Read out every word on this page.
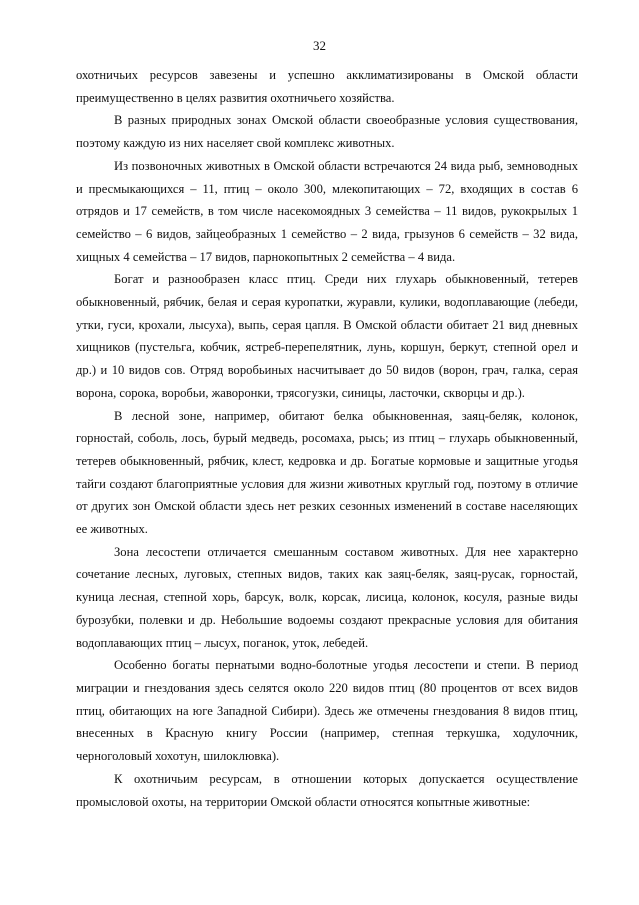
32

охотничьих ресурсов завезены и успешно акклиматизированы в Омской области преимущественно в целях развития охотничьего хозяйства.

В разных природных зонах Омской области своеобразные условия существования, поэтому каждую из них населяет свой комплекс животных.

Из позвоночных животных в Омской области встречаются 24 вида рыб, земноводных и пресмыкающихся – 11, птиц – около 300, млекопитающих – 72, входящих в состав 6 отрядов и 17 семейств, в том числе насекомоядных 3 семейства – 11 видов, рукокрылых 1 семейство – 6 видов, зайцеобразных 1 семейство – 2 вида, грызунов 6 семейств – 32 вида, хищных 4 семейства – 17 видов, парнокопытных 2 семейства – 4 вида.

Богат и разнообразен класс птиц. Среди них глухарь обыкновенный, тетерев обыкновенный, рябчик, белая и серая куропатки, журавли, кулики, водоплавающие (лебеди, утки, гуси, крохали, лысуха), выпь, серая цапля. В Омской области обитает 21 вид дневных хищников (пустельга, кобчик, ястреб-перепелятник, лунь, коршун, беркут, степной орел и др.) и 10 видов сов. Отряд воробьиных насчитывает до 50 видов (ворон, грач, галка, серая ворона, сорока, воробьи, жаворонки, трясогузки, синицы, ласточки, скворцы и др.).

В лесной зоне, например, обитают белка обыкновенная, заяц-беляк, колонок, горностай, соболь, лось, бурый медведь, росомаха, рысь; из птиц – глухарь обыкновенный, тетерев обыкновенный, рябчик, клест, кедровка и др. Богатые кормовые и защитные угодья тайги создают благоприятные условия для жизни животных круглый год, поэтому в отличие от других зон Омской области здесь нет резких сезонных изменений в составе населяющих ее животных.

Зона лесостепи отличается смешанным составом животных. Для нее характерно сочетание лесных, луговых, степных видов, таких как заяц-беляк, заяц-русак, горностай, куница лесная, степной хорь, барсук, волк, корсак, лисица, колонок, косуля, разные виды бурозубки, полевки и др. Небольшие водоемы создают прекрасные условия для обитания водоплавающих птиц – лысух, поганок, уток, лебедей.

Особенно богаты пернатыми водно-болотные угодья лесостепи и степи. В период миграции и гнездования здесь селятся около 220 видов птиц (80 процентов от всех видов птиц, обитающих на юге Западной Сибири). Здесь же отмечены гнездования 8 видов птиц, внесенных в Красную книгу России (например, степная теркушка, ходулочник, черноголовый хохотун, шилоклювка).

К охотничьим ресурсам, в отношении которых допускается осуществление промысловой охоты, на территории Омской области относятся копытные животные:
